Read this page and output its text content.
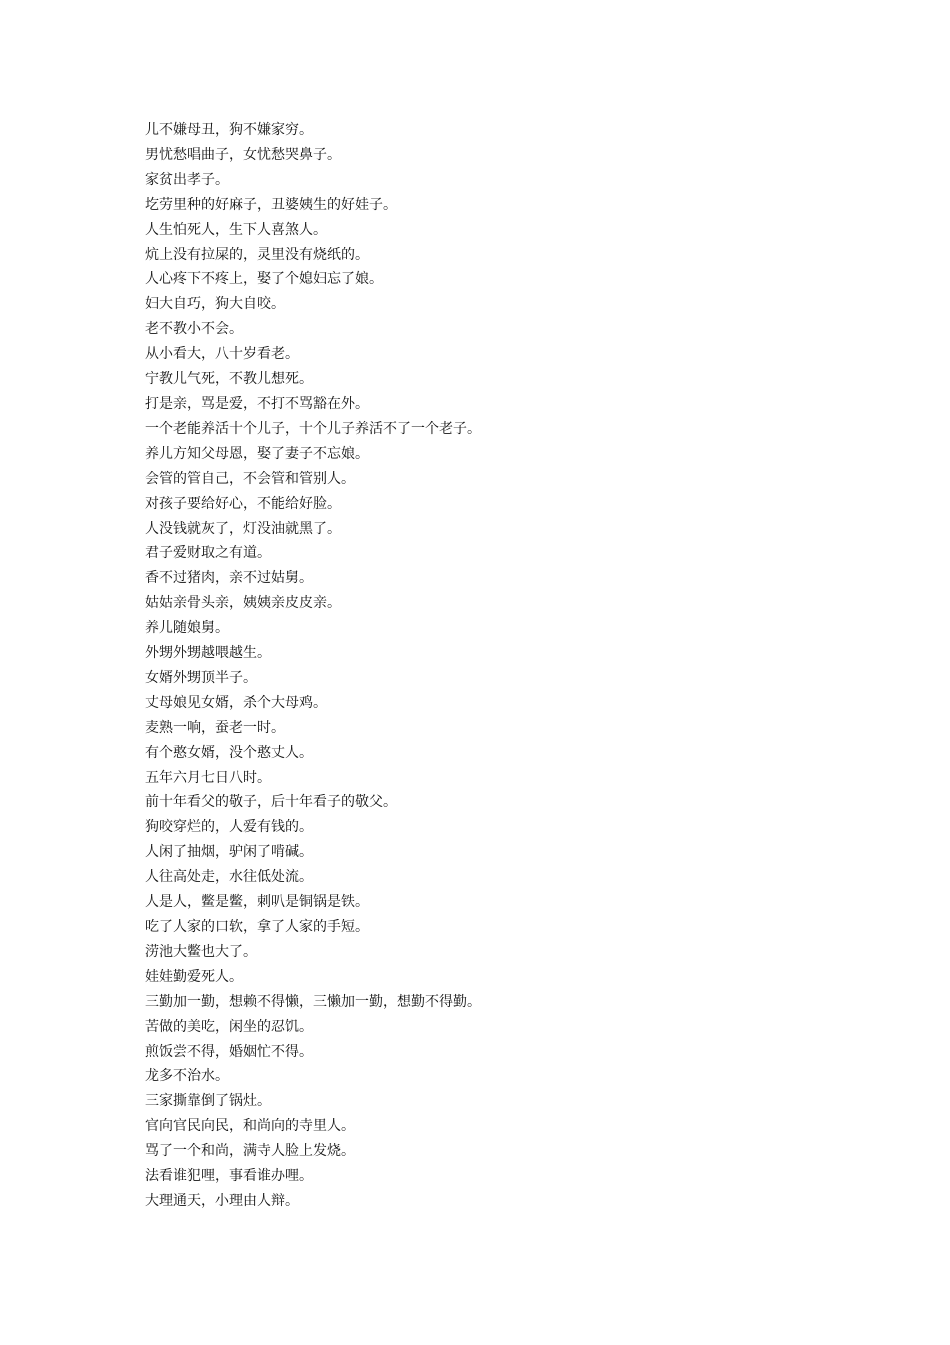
儿不嫌母丑，狗不嫌家穷。
男忧愁唱曲子，女忧愁哭鼻子。
家贫出孝子。
圪劳里种的好麻子，丑婆姨生的好娃子。
人生怕死人，生下人喜煞人。
炕上没有拉屎的，灵里没有烧纸的。
人心疼下不疼上，娶了个媳妇忘了娘。
妇大自巧，狗大自咬。
老不教小不会。
从小看大，八十岁看老。
宁教儿气死，不教儿想死。
打是亲，骂是爱，不打不骂豁在外。
一个老能养活十个儿子，十个儿子养活不了一个老子。
养儿方知父母恩，娶了妻子不忘娘。
会管的管自己，不会管和管别人。
对孩子要给好心，不能给好脸。
人没钱就灰了，灯没油就黑了。
君子爱财取之有道。
香不过猪肉，亲不过姑舅。
姑姑亲骨头亲，姨姨亲皮皮亲。
养儿随娘舅。
外甥外甥越喂越生。
女婿外甥顶半子。
丈母娘见女婿，杀个大母鸡。
麦熟一响，蚕老一时。
有个憨女婿，没个憨丈人。
五年六月七日八时。
前十年看父的敬子，后十年看子的敬父。
狗咬穿烂的，人爱有钱的。
人闲了抽烟，驴闲了啃碱。
人往高处走，水往低处流。
人是人，鳖是鳖，刺叭是铜锅是铁。
吃了人家的口软，拿了人家的手短。
涝池大鳖也大了。
娃娃勤爱死人。
三勤加一勤，想赖不得懒，三懒加一勤，想勤不得勤。
苦做的美吃，闲坐的忍饥。
煎饭尝不得，婚姻忙不得。
龙多不治水。
三家撕靠倒了锅灶。
官向官民向民，和尚向的寺里人。
骂了一个和尚，满寺人脸上发烧。
法看谁犯哩，事看谁办哩。
大理通天，小理由人辩。
